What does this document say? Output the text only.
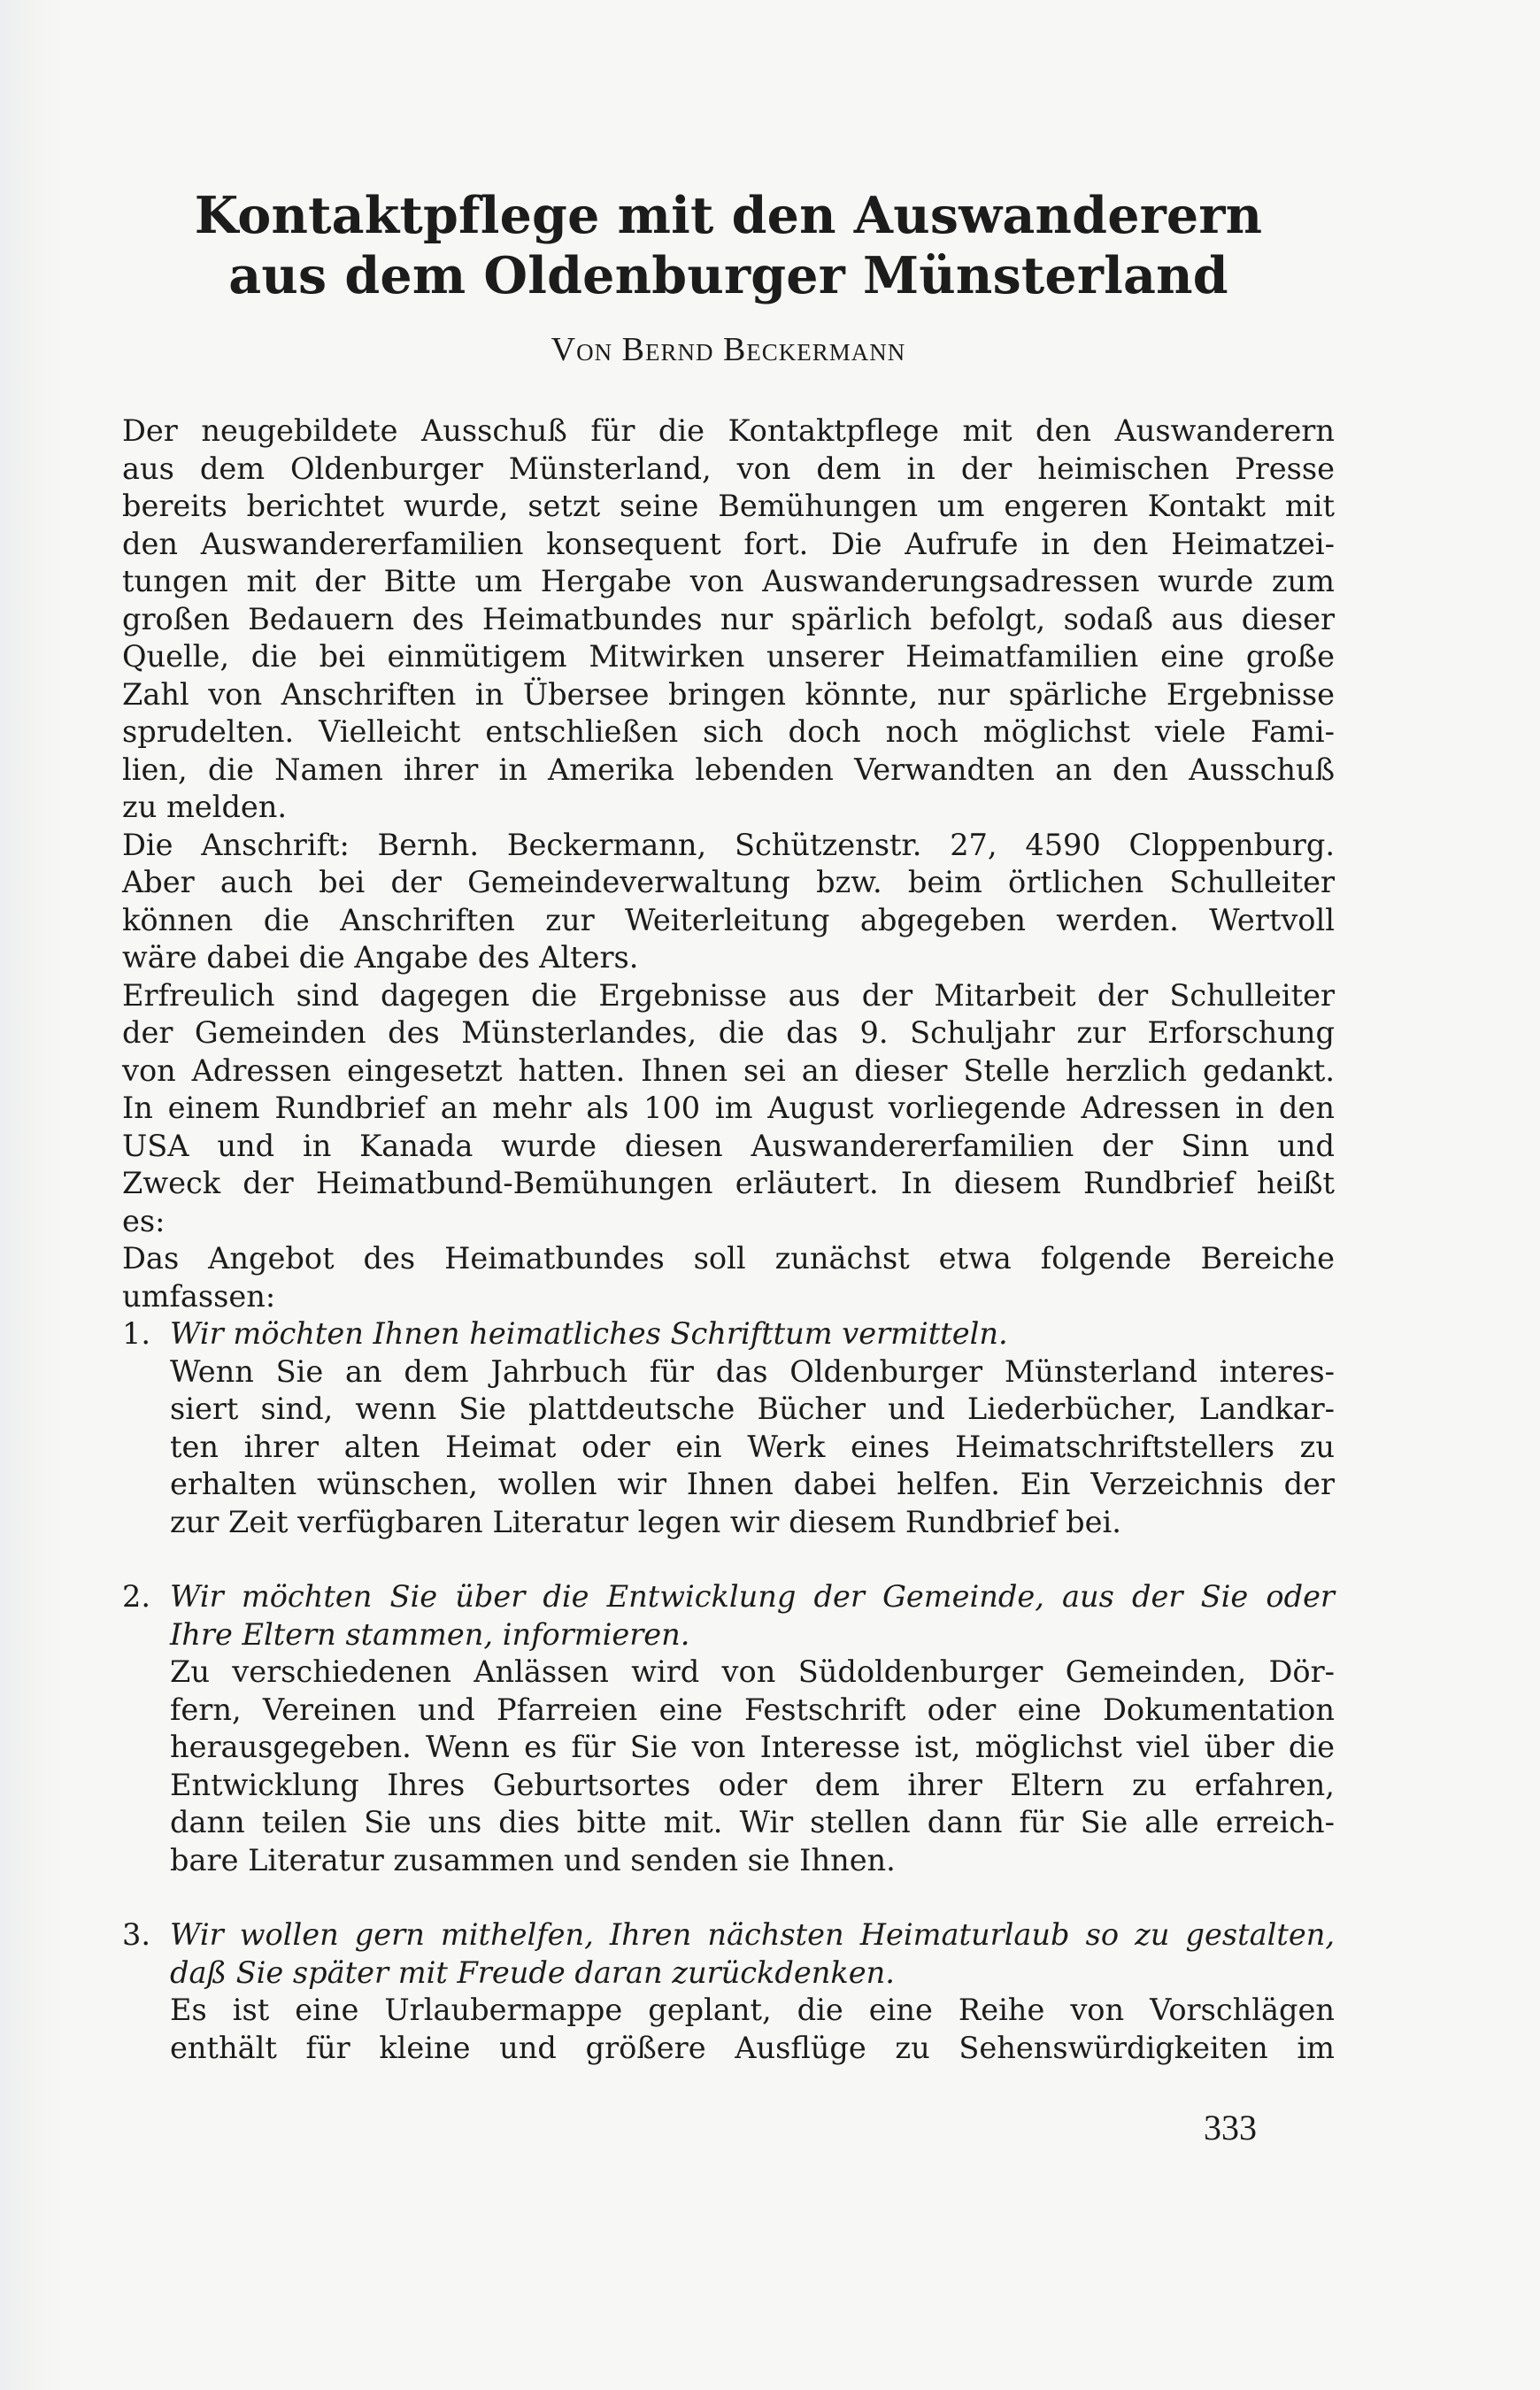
Kontaktpflege mit den Auswanderern
aus dem Oldenburger Münsterland
Von Bernd Beckermann

Der neugebildete Ausschuß für die Kontaktpflege mit den Auswanderern
aus dem Oldenburger Münsterland, von dem in der heimischen Presse
bereits berichtet wurde, setzt seine Bemühungen um engeren Kontakt mit
den Auswandererfamilien konsequent fort. Die Aufrufe in den Heimatzei-
tungen mit der Bitte um Hergabe von Auswanderungsadressen wurde zum
großen Bedauern des Heimatbundes nur spärlich befolgt, sodaß aus dieser
Quelle, die bei einmütigem Mitwirken unserer Heimatfamilien eine große
Zahl von Anschriften in Übersee bringen könnte, nur spärliche Ergebnisse
sprudelten. Vielleicht entschließen sich doch noch möglichst viele Fami-
lien, die Namen ihrer in Amerika lebenden Verwandten an den Ausschuß
zu melden.

Die Anschrift: Bernh. Beckermann, Schützenstr. 27, 4590 Cloppenburg.
Aber auch bei der Gemeindeverwaltung bzw. beim örtlichen Schulleiter
können die Anschriften zur Weiterleitung abgegeben werden. Wertvoll
wäre dabei die Angabe des Alters.

Erfreulich sind dagegen die Ergebnisse aus der Mitarbeit der Schulleiter
der Gemeinden des Münsterlandes, die das 9. Schuljahr zur Erforschung
von Adressen eingesetzt hatten. Ihnen sei an dieser Stelle herzlich gedankt.
In einem Rundbrief an mehr als 100 im August vorliegende Adressen in den
USA und in Kanada wurde diesen Auswandererfamilien der Sinn und
Zweck der Heimatbund-Bemühungen erläutert. In diesem Rundbrief heißt
es:

Das Angebot des Heimatbundes soll zunächst etwa folgende Bereiche
umfassen:

1. Wir möchten Ihnen heimatliches Schrifttum vermitteln.
Wenn Sie an dem Jahrbuch für das Oldenburger Münsterland interes-
siert sind, wenn Sie plattdeutsche Bücher und Liederbücher, Landkar-
ten ihrer alten Heimat oder ein Werk eines Heimatschriftstellers zu
erhalten wünschen, wollen wir Ihnen dabei helfen. Ein Verzeichnis der
zur Zeit verfügbaren Literatur legen wir diesem Rundbrief bei.
2. Wir möchten Sie über die Entwicklung der Gemeinde, aus der Sie oder
Ihre Eltern stammen, informieren.
Zu verschiedenen Anlässen wird von Südoldenburger Gemeinden, Dör-
fern, Vereinen und Pfarreien eine Festschrift oder eine Dokumentation
herausgegeben. Wenn es für Sie von Interesse ist, möglichst viel über die
Entwicklung Ihres Geburtsortes oder dem ihrer Eltern zu erfahren,
dann teilen Sie uns dies bitte mit. Wir stellen dann für Sie alle erreich-
bare Literatur zusammen und senden sie Ihnen.
3. Wir wollen gern mithelfen, Ihren nächsten Heimaturlaub so zu gestalten,
daß Sie später mit Freude daran zurückdenken.
Es ist eine Urlaubermappe geplant, die eine Reihe von Vorschlägen
enthält für kleine und größere Ausflüge zu Sehenswürdigkeiten im
333
